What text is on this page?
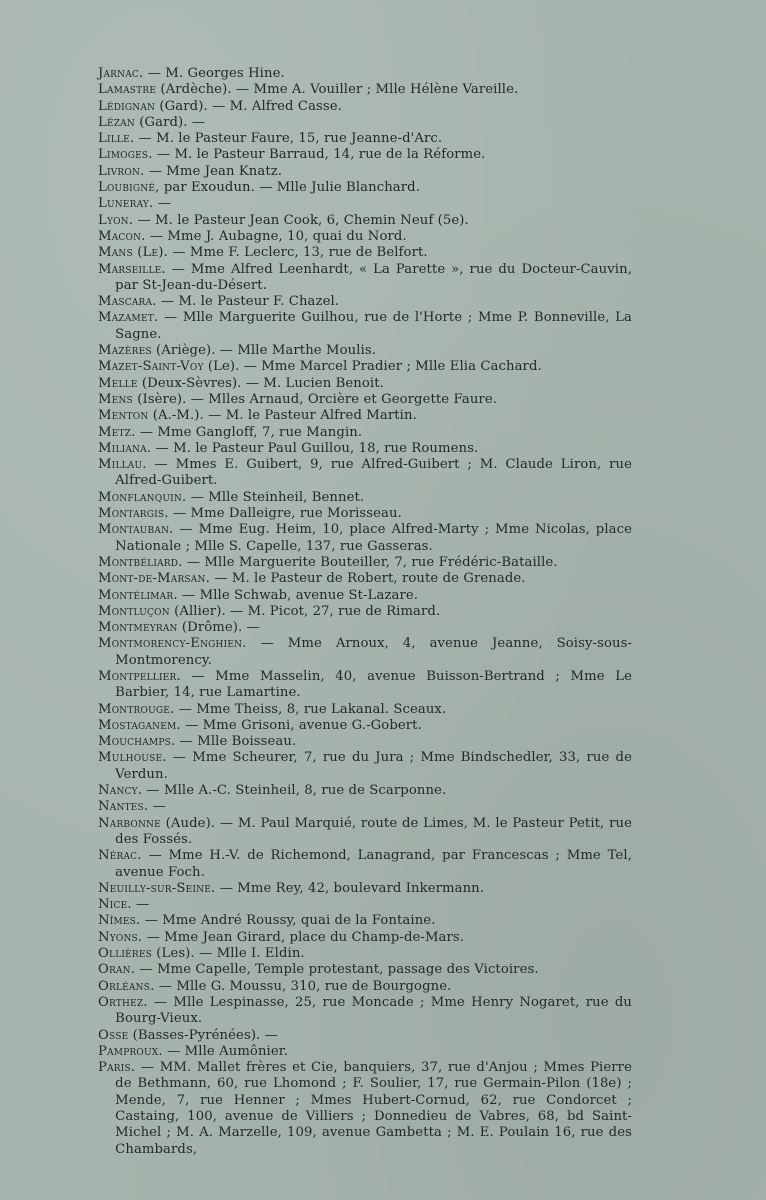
Jarnac. — M. Georges Hine.

Lamastre (Ardèche). — Mme A. Vouiller ; Mlle Hélène Vareille.

Lédignan (Gard). — M. Alfred Casse.

Lézan (Gard). —

Lille. — M. le Pasteur Faure, 15, rue Jeanne-d'Arc.

Limoges. — M. le Pasteur Barraud, 14, rue de la Réforme.

Livron. — Mme Jean Knatz.

Loubigné, par Exoudun. — Mlle Julie Blanchard.

Luneray. —

Lyon. — M. le Pasteur Jean Cook, 6, Chemin Neuf (5e).

Macon. — Mme J. Aubagne, 10, quai du Nord.

Mans (Le). — Mme F. Leclerc, 13, rue de Belfort.

Marseille. — Mme Alfred Leenhardt, « La Parette », rue du Docteur-Cauvin, par St-Jean-du-Désert.

Mascara. — M. le Pasteur F. Chazel.

Mazamet. — Mlle Marguerite Guilhou, rue de l'Horte ; Mme P. Bonneville, La Sagne.

Mazères (Ariège). — Mlle Marthe Moulis.

Mazet-Saint-Voy (Le). — Mme Marcel Pradier ; Mlle Elia Cachard.

Melle (Deux-Sèvres). — M. Lucien Benoit.

Mens (Isère). — Mlles Arnaud, Orcière et Georgette Faure.

Menton (A.-M.). — M. le Pasteur Alfred Martin.

Metz. — Mme Gangloff, 7, rue Mangin.

Miliana. — M. le Pasteur Paul Guillou, 18, rue Roumens.

Millau. — Mmes E. Guibert, 9, rue Alfred-Guibert ; M. Claude Liron, rue Alfred-Guibert.

Monflanquin. — Mlle Steinheil, Bennet.

Montargis. — Mme Dalleigre, rue Morisseau.

Montauban. — Mme Eug. Heim, 10, place Alfred-Marty ; Mme Nicolas, place Nationale ; Mlle S. Capelle, 137, rue Gasseras.

Montbéliard. — Mlle Marguerite Bouteiller, 7, rue Frédéric-Bataille.

Mont-de-Marsan. — M. le Pasteur de Robert, route de Grenade.

Montélimar. — Mlle Schwab, avenue St-Lazare.

Montluçon (Allier). — M. Picot, 27, rue de Rimard.

Montmeyran (Drôme). —

Montmorency-Enghien. — Mme Arnoux, 4, avenue Jeanne, Soisy-sous-Montmorency.

Montpellier. — Mme Masselin, 40, avenue Buisson-Bertrand ; Mme Le Barbier, 14, rue Lamartine.

Montrouge. — Mme Theiss, 8, rue Lakanal. Sceaux.

Mostaganem. — Mme Grisoni, avenue G.-Gobert.

Mouchamps. — Mlle Boisseau.

Mulhouse. — Mme Scheurer, 7, rue du Jura ; Mme Bindschedler, 33, rue de Verdun.

Nancy. — Mlle A.-C. Steinheil, 8, rue de Scarponne.

Nantes. —

Narbonne (Aude). — M. Paul Marquié, route de Limes, M. le Pasteur Petit, rue des Fossés.

Nérac. — Mme H.-V. de Richemond, Lanagrand, par Francescas ; Mme Tel, avenue Foch.

Neuilly-sur-Seine. — Mme Rey, 42, boulevard Inkermann.

Nice. —

Nîmes. — Mme André Roussy, quai de la Fontaine.

Nyons. — Mme Jean Girard, place du Champ-de-Mars.

Ollières (Les). — Mlle I. Eldin.

Oran. — Mme Capelle, Temple protestant, passage des Victoires.

Orléans. — Mlle G. Moussu, 310, rue de Bourgogne.

Orthez. — Mlle Lespinasse, 25, rue Moncade ; Mme Henry Nogaret, rue du Bourg-Vieux.

Osse (Basses-Pyrénées). —

Pamproux. — Mlle Aumônier.

Paris. — MM. Mallet frères et Cie, banquiers, 37, rue d'Anjou ; Mmes Pierre de Bethmann, 60, rue Lhomond ; F. Soulier, 17, rue Germain-Pilon (18e) ; Mende, 7, rue Henner ; Mmes Hubert-Cornud, 62, rue Condorcet ; Castaing, 100, avenue de Villiers ; Donnedieu de Vabres, 68, bd Saint-Michel ; M. A. Marzelle, 109, avenue Gambetta ; M. E. Poulain 16, rue des Chambards,
